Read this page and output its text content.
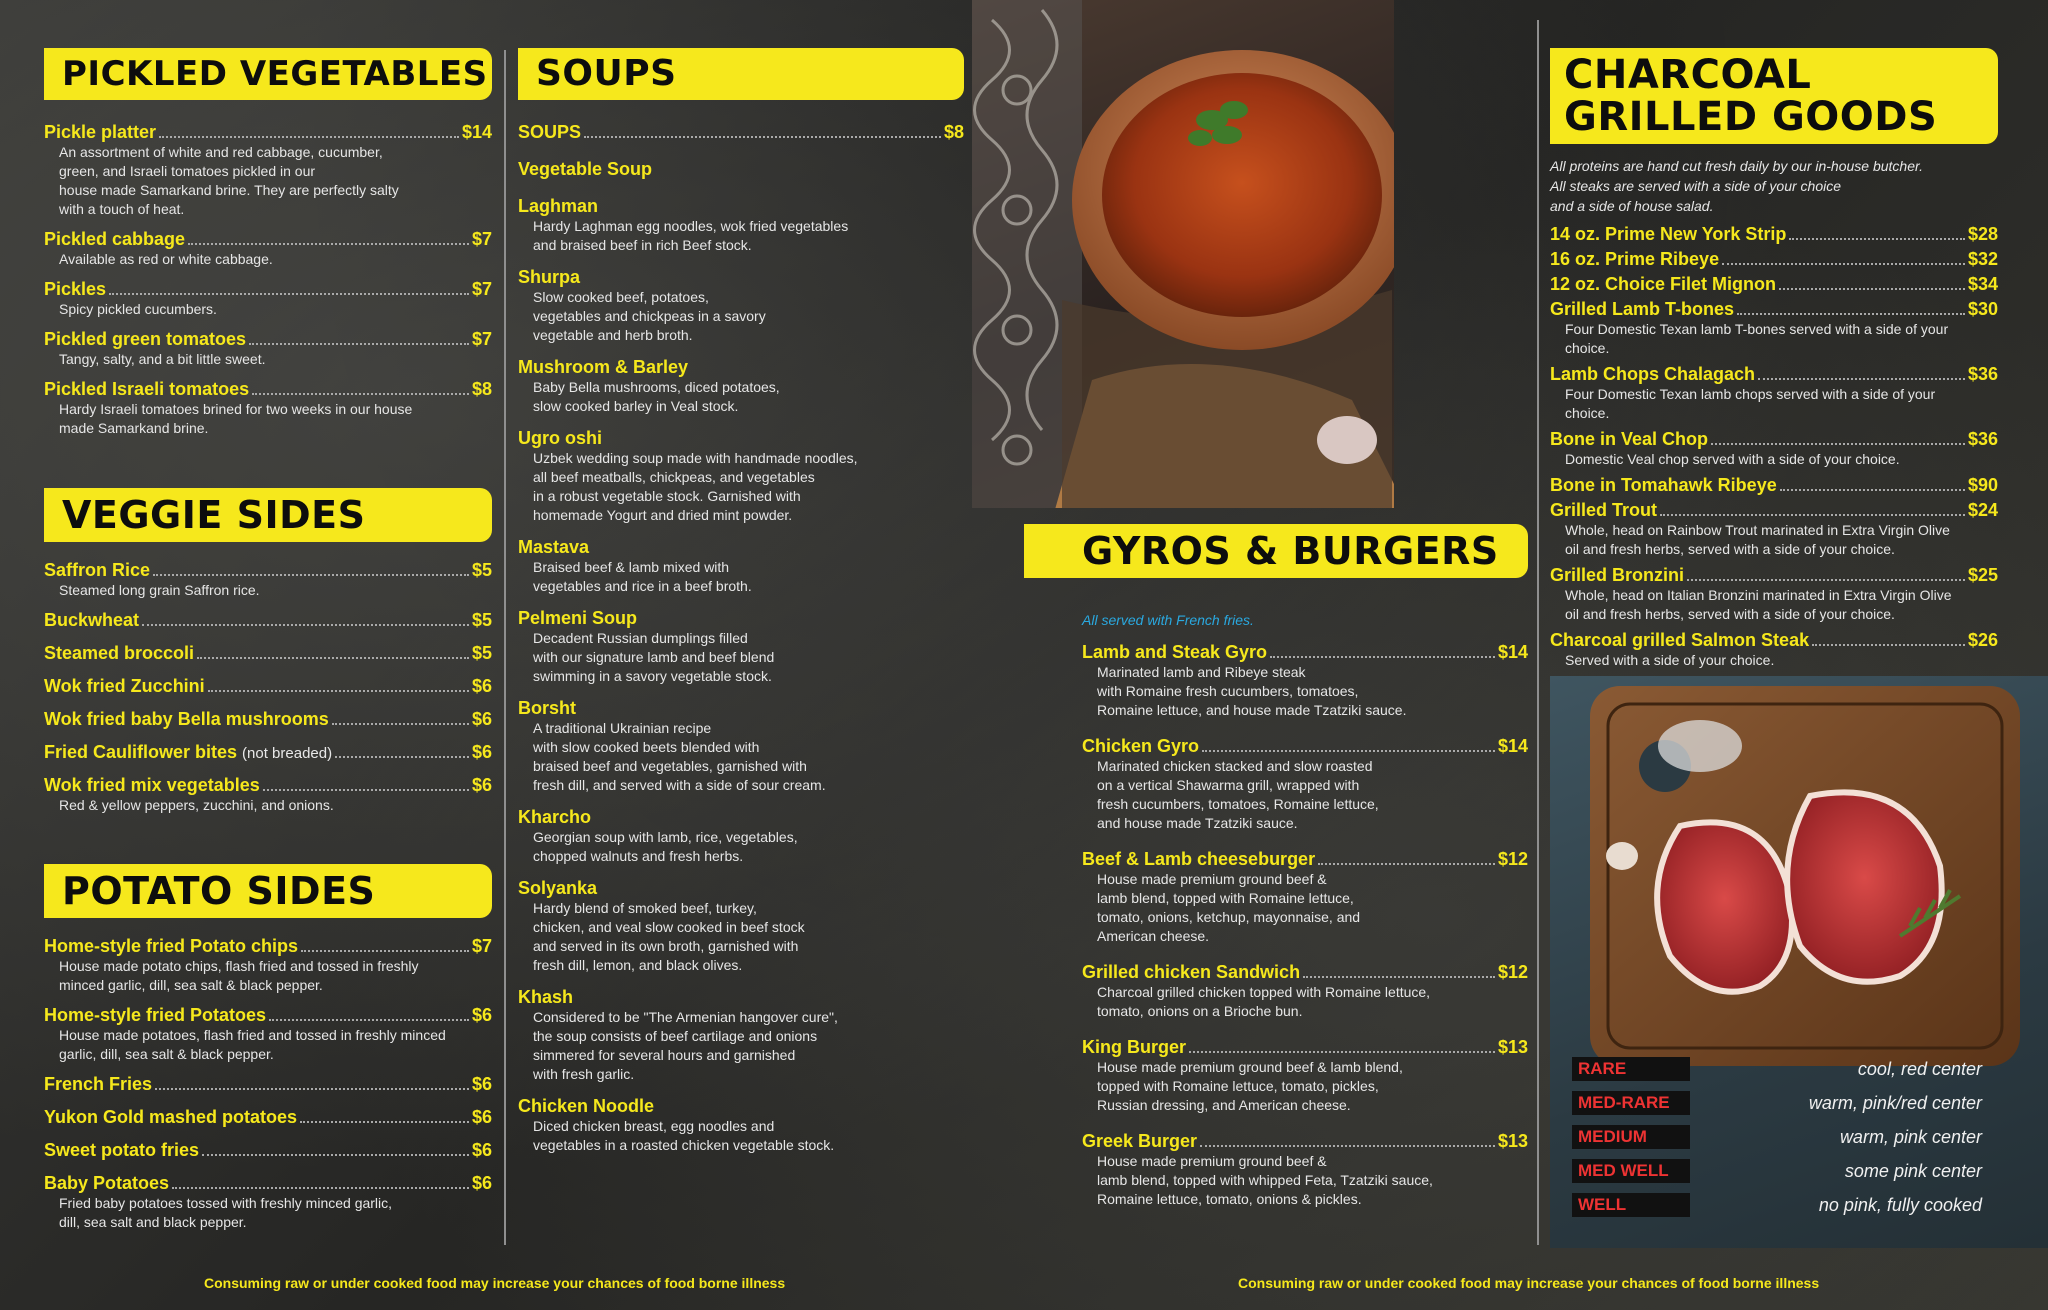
PICKLED VEGETABLES
Pickle platter	$14
An assortment of white and red cabbage, cucumber,
green, and Israeli tomatoes pickled in our
house made Samarkand brine. They are perfectly salty
with a touch of heat.
Pickled cabbage	$7
Available as red or white cabbage.
Pickles	$7
Spicy pickled cucumbers.
Pickled green tomatoes	$7
Tangy, salty, and a bit little sweet.
Pickled Israeli tomatoes	$8
Hardy Israeli tomatoes brined for two weeks in our house
made Samarkand brine.
VEGGIE SIDES
Saffron Rice	$5
Steamed long grain Saffron rice.
Buckwheat	$5
Steamed broccoli	$5
Wok fried Zucchini	$6
Wok fried baby Bella mushrooms	$6
Fried Cauliflower bites (not breaded)	$6
Wok fried mix vegetables	$6
Red & yellow peppers, zucchini, and onions.
POTATO SIDES
Home-style fried Potato chips	$7
House made potato chips, flash fried and tossed in freshly
minced garlic, dill, sea salt & black pepper.
Home-style fried Potatoes	$6
House made potatoes, flash fried and tossed in freshly minced
garlic, dill, sea salt & black pepper.
French Fries	$6
Yukon Gold mashed potatoes	$6
Sweet potato fries	$6
Baby Potatoes	$6
Fried baby potatoes tossed with freshly minced garlic,
dill, sea salt and black pepper.
SOUPS
SOUPS	$8
Vegetable Soup
Laghman
Hardy Laghman egg noodles, wok fried vegetables
and braised beef in rich Beef stock.
Shurpa
Slow cooked beef, potatoes,
vegetables and chickpeas in a savory
vegetable and herb broth.
Mushroom & Barley
Baby Bella mushrooms, diced potatoes,
slow cooked barley in Veal stock.
Ugro oshi
Uzbek wedding soup made with handmade noodles,
all beef meatballs, chickpeas, and vegetables
in a robust vegetable stock. Garnished with
homemade Yogurt and dried mint powder.
Mastava
Braised beef & lamb mixed with
vegetables and rice in a beef broth.
Pelmeni Soup
Decadent Russian dumplings filled
with our signature lamb and beef blend
swimming in a savory vegetable stock.
Borsht
A traditional Ukrainian recipe
with slow cooked beets blended with
braised beef and vegetables, garnished with
fresh dill, and served with a side of sour cream.
Kharcho
Georgian soup with lamb, rice, vegetables,
chopped walnuts and fresh herbs.
Solyanka
Hardy blend of smoked beef, turkey,
chicken, and veal slow cooked in beef stock
and served in its own broth, garnished with
fresh dill, lemon, and black olives.
Khash
Considered to be "The Armenian hangover cure",
the soup consists of beef cartilage and onions
simmered for several hours and garnished
with fresh garlic.
Chicken Noodle
Diced chicken breast, egg noodles and
vegetables in a roasted chicken vegetable stock.
GYROS & BURGERS
All served with French fries.
Lamb and Steak Gyro	$14
Marinated lamb and Ribeye steak
with Romaine fresh cucumbers, tomatoes,
Romaine lettuce, and house made Tzatziki sauce.
Chicken Gyro	$14
Marinated chicken stacked and slow roasted
on a vertical Shawarma grill, wrapped with
fresh cucumbers, tomatoes, Romaine lettuce,
and house made Tzatziki sauce.
Beef & Lamb cheeseburger	$12
House made premium ground beef &
lamb blend, topped with Romaine lettuce,
tomato, onions, ketchup, mayonnaise, and
American cheese.
Grilled chicken Sandwich	$12
Charcoal grilled chicken topped with Romaine lettuce,
tomato, onions on a Brioche bun.
King Burger	$13
House made premium ground beef & lamb blend,
topped with Romaine lettuce, tomato, pickles,
Russian dressing, and American cheese.
Greek Burger	$13
House made premium ground beef &
lamb blend, topped with whipped Feta, Tzatziki sauce,
Romaine lettuce, tomato, onions & pickles.
CHARCOAL
GRILLED GOODS
All proteins are hand cut fresh daily by our in-house butcher.
All steaks are served with a side of your choice
and a side of house salad.
14 oz. Prime New York Strip	$28
16 oz. Prime Ribeye	$32
12 oz. Choice Filet Mignon	$34
Grilled Lamb T-bones	$30
Four Domestic Texan lamb T-bones served with a side of your
choice.
Lamb Chops Chalagach	$36
Four Domestic Texan lamb chops served with a side of your
choice.
Bone in Veal Chop	$36
Domestic Veal chop served with a side of your choice.
Bone in Tomahawk Ribeye	$90
Grilled Trout	$24
Whole, head on Rainbow Trout marinated in Extra Virgin Olive
oil and fresh herbs, served with a side of your choice.
Grilled Bronzini	$25
Whole, head on Italian Bronzini marinated in Extra Virgin Olive
oil and fresh herbs, served with a side of your choice.
Charcoal grilled Salmon Steak	$26
Served with a side of your choice.
RARE	cool, red center
MED-RARE	warm, pink/red center
MEDIUM	warm, pink center
MED WELL	some pink center
WELL	no pink, fully cooked
Consuming raw or under cooked food may increase your chances of food borne illness	Consuming raw or under cooked food may increase your chances of food borne illness
